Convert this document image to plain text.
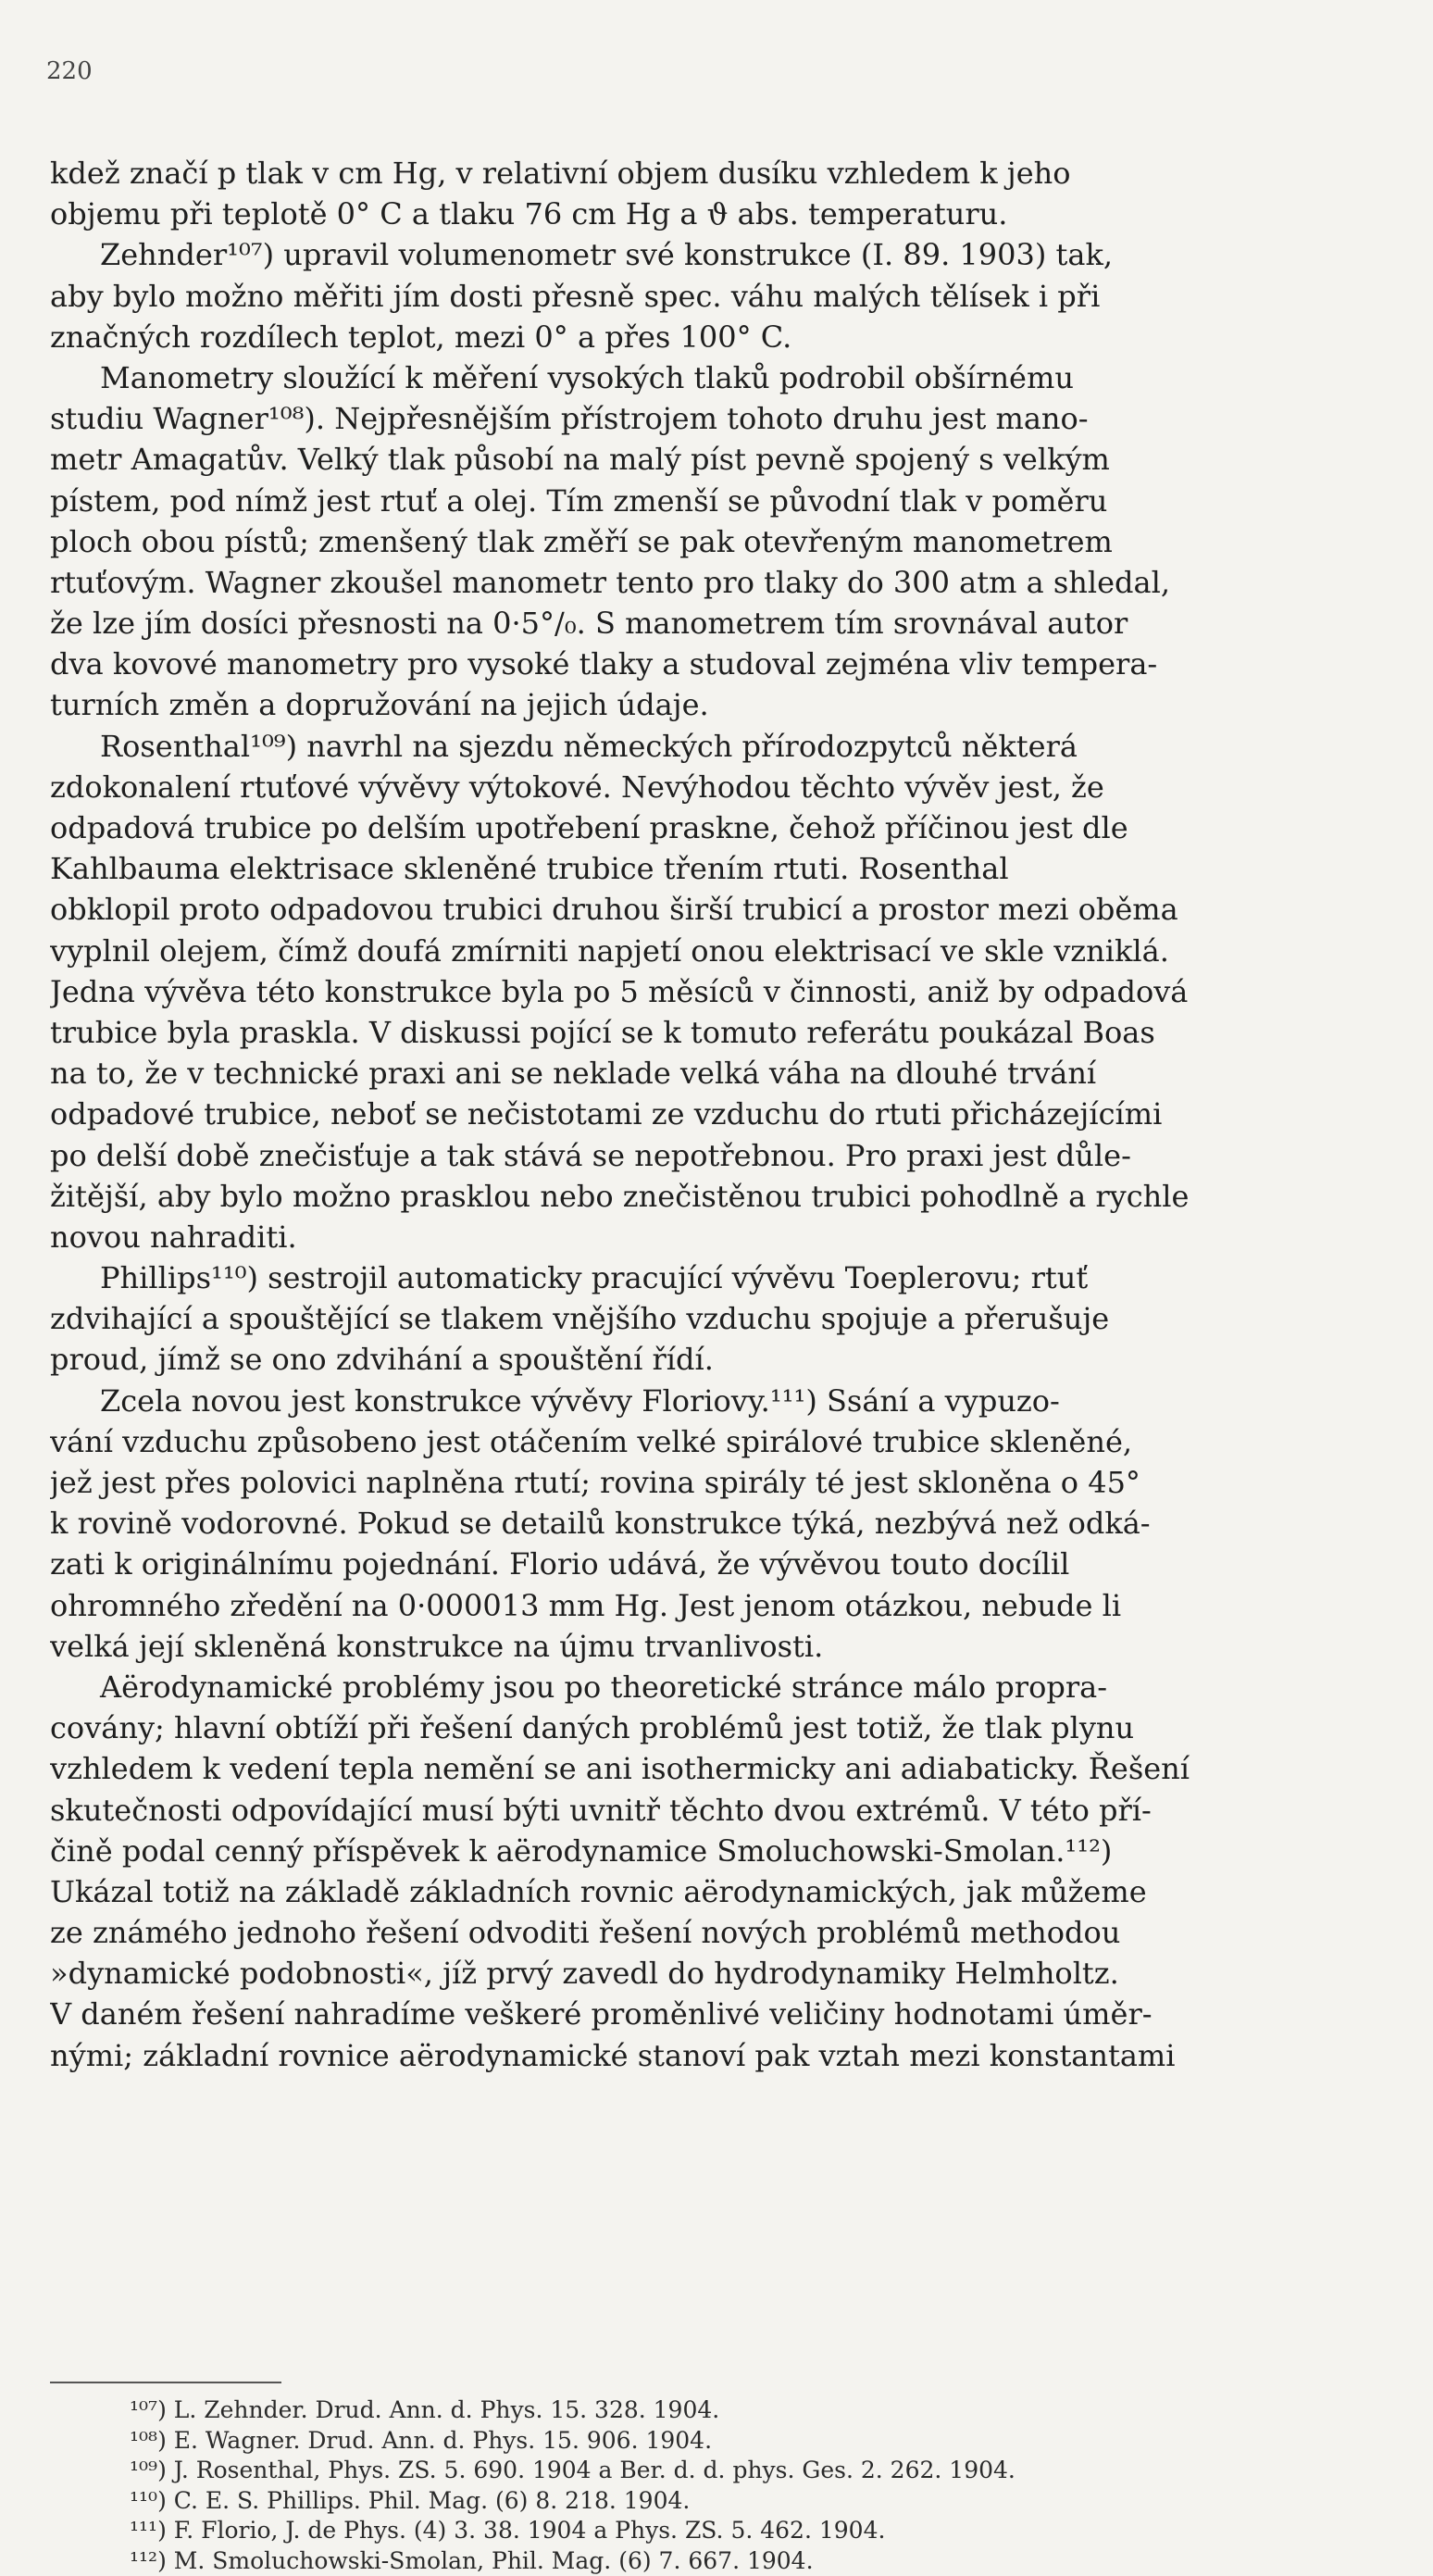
220
kdež značí p tlak v cm Hg, v relativní objem dusíku vzhledem k jeho
objemu při teplotě 0° C a tlaku 76 cm Hg a ϑ abs. temperaturu.
Zehnder¹⁰⁷) upravil volumenometr své konstrukce (I. 89. 1903) tak,
aby bylo možno měřiti jím dosti přesně spec. váhu malých tělísek i při
značných rozdílech teplot, mezi 0° a přes 100° C.
Manometry sloužící k měření vysokých tlaků podrobil obšírnému
studiu Wagner¹⁰⁸). Nejpřesnějším přístrojem tohoto druhu jest mano-
metr Amagatův. Velký tlak působí na malý píst pevně spojený s velkým
pístem, pod nímž jest rtuť a olej. Tím zmenší se původní tlak v poměru
ploch obou pístů; zmenšený tlak změří se pak otevřeným manometrem
rtuťovým. Wagner zkoušel manometr tento pro tlaky do 300 atm a shledal,
že lze jím dosíci přesnosti na 0·5°/₀. S manometrem tím srovnával autor
dva kovové manometry pro vysoké tlaky a studoval zejména vliv tempera-
turních změn a dopružování na jejich údaje.
Rosenthal¹⁰⁹) navrhl na sjezdu německých přírodozpytců některá
zdokonalení rtuťové vývěvy výtokové. Nevýhodou těchto vývěv jest, že
odpadová trubice po delším upotřebení praskne, čehož příčinou jest dle
Kahlbauma elektrisace skleněné trubice třením rtuti. Rosenthal
obklopil proto odpadovou trubici druhou širší trubicí a prostor mezi oběma
vyplnil olejem, čímž doufá zmírniti napjetí onou elektrisací ve skle vzniklá.
Jedna vývěva této konstrukce byla po 5 měsíců v činnosti, aniž by odpadová
trubice byla praskla. V diskussi pojící se k tomuto referátu poukázal Boas
na to, že v technické praxi ani se neklade velká váha na dlouhé trvání
odpadové trubice, neboť se nečistotami ze vzduchu do rtuti přicházejícími
po delší době znečisťuje a tak stává se nepotřebnou. Pro praxi jest důle-
žitější, aby bylo možno prasklou nebo znečistěnou trubici pohodlně a rychle
novou nahraditi.
Phillips¹¹⁰) sestrojil automaticky pracující vývěvu Toeplerovu; rtuť
zdvihající a spouštějící se tlakem vnějšího vzduchu spojuje a přerušuje
proud, jímž se ono zdvihání a spouštění řídí.
Zcela novou jest konstrukce vývěvy Floriovy.¹¹¹) Ssání a vypuzo-
vání vzduchu způsobeno jest otáčením velké spirálové trubice skleněné,
jež jest přes polovici naplněna rtutí; rovina spirály té jest skloněna o 45°
k rovině vodorovné. Pokud se detailů konstrukce týká, nezbývá než odká-
zati k originálnímu pojednání. Florio udává, že vývěvou touto docílil
ohromného zředění na 0·000013 mm Hg. Jest jenom otázkou, nebude li
velká její skleněná konstrukce na újmu trvanlivosti.
Aërodynamické problémy jsou po theoretické stránce málo propra-
covány; hlavní obtíží při řešení daných problémů jest totiž, že tlak plynu
vzhledem k vedení tepla nemění se ani isothermicky ani adiabaticky. Řešení
skutečnosti odpovídající musí býti uvnitř těchto dvou extrémů. V této pří-
čině podal cenný příspěvek k aërodynamice Smoluchowski-Smolan.¹¹²)
Ukázal totiž na základě základních rovnic aërodynamických, jak můžeme
ze známého jednoho řešení odvoditi řešení nových problémů methodou
»dynamické podobnosti«, jíž prvý zavedl do hydrodynamiky Helmholtz.
V daném řešení nahradíme veškeré proměnlivé veličiny hodnotami úměr-
nými; základní rovnice aërodynamické stanoví pak vztah mezi konstantami
¹⁰⁷) L. Zehnder. Drud. Ann. d. Phys. 15. 328. 1904.
¹⁰⁸) E. Wagner. Drud. Ann. d. Phys. 15. 906. 1904.
¹⁰⁹) J. Rosenthal, Phys. ZS. 5. 690. 1904 a Ber. d. d. phys. Ges. 2. 262. 1904.
¹¹⁰) C. E. S. Phillips. Phil. Mag. (6) 8. 218. 1904.
¹¹¹) F. Florio, J. de Phys. (4) 3. 38. 1904 a Phys. ZS. 5. 462. 1904.
¹¹²) M. Smoluchowski-Smolan, Phil. Mag. (6) 7. 667. 1904.
